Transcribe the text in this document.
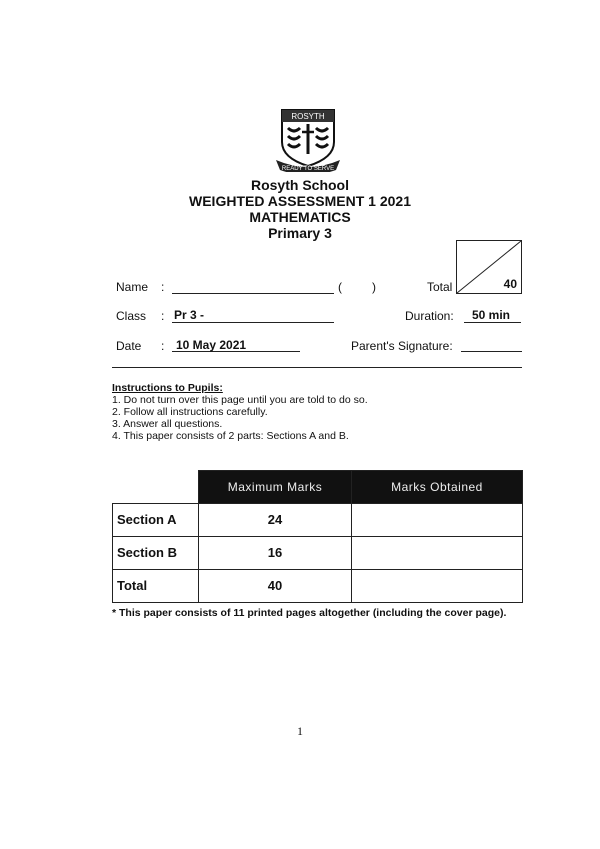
ROSYTH
READY TO SERVE
Rosyth School
WEIGHTED ASSESSMENT 1 2021
MATHEMATICS
Primary 3
Name :	(	)	Total	40
Class : Pr 3 -	Duration: 50 min
Date : 10 May 2021	Parent's Signature:
Instructions to Pupils:
1. Do not turn over this page until you are told to do so.
2. Follow all instructions carefully.
3. Answer all questions.
4. This paper consists of 2 parts: Sections A and B.
	Maximum Marks	Marks Obtained
Section A	24	
Section B	16	
Total	40	
* This paper consists of 11 printed pages altogether (including the cover page).
1
